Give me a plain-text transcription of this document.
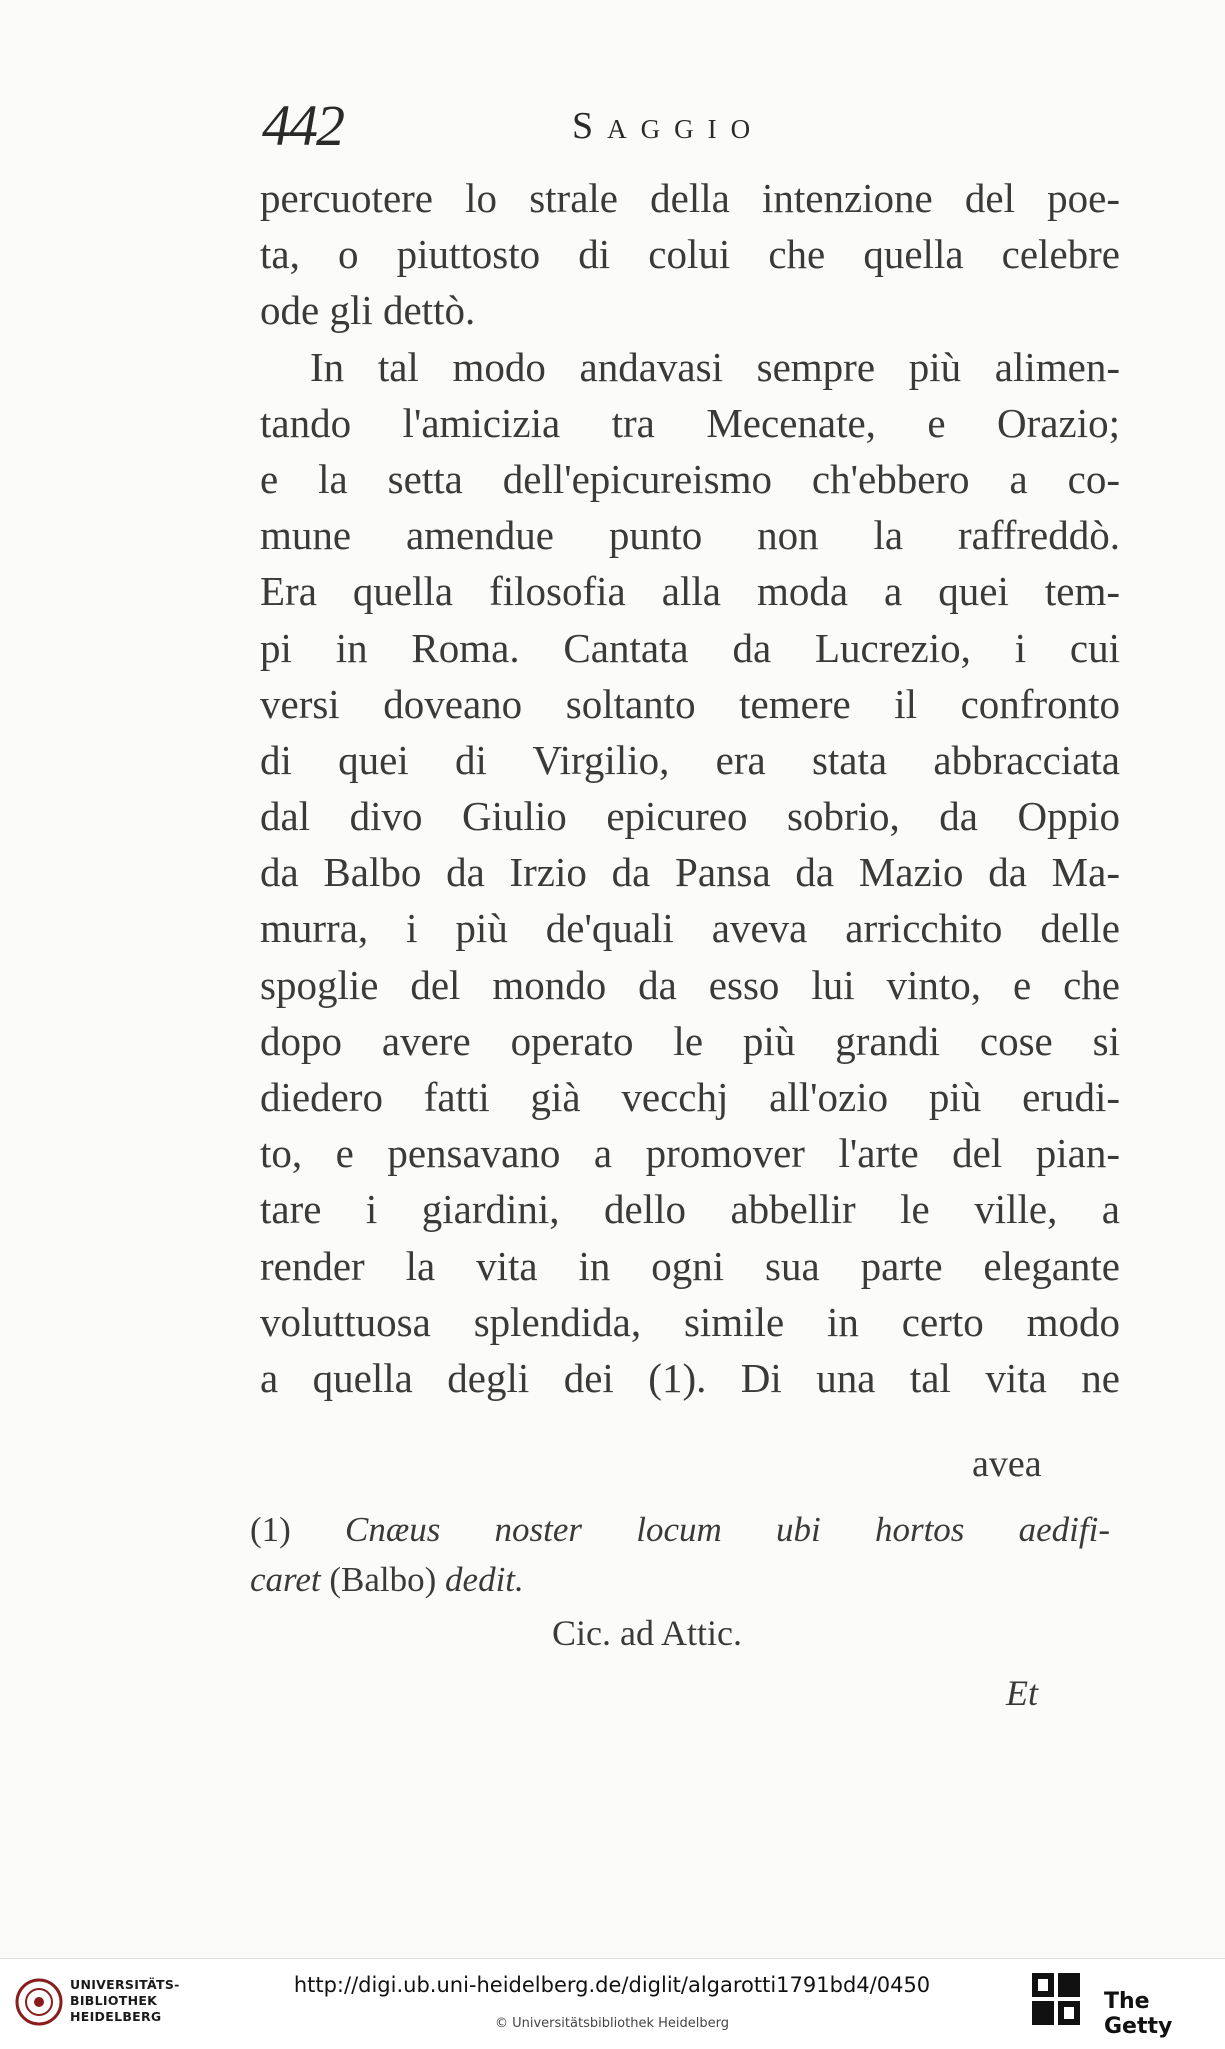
442	Saggio
percuotere lo strale della intenzione del poe-
ta, o piuttosto di colui che quella celebre
ode gli dettò.
In tal modo andavasi sempre più alimen-
tando l'amicizia tra Mecenate, e Orazio;
e la setta dell'epicureismo ch'ebbero a co-
mune amendue punto non la raffreddò.
Era quella filosofia alla moda a quei tem-
pi in Roma. Cantata da Lucrezio, i cui
versi doveano soltanto temere il confronto
di quei di Virgilio, era stata abbracciata
dal divo Giulio epicureo sobrio, da Oppio
da Balbo da Irzio da Pansa da Mazio da Ma-
murra, i più de'quali aveva arricchito delle
spoglie del mondo da esso lui vinto, e che
dopo avere operato le più grandi cose si
diedero fatti già vecchj all'ozio più erudi-
to, e pensavano a promover l'arte del pian-
tare i giardini, dello abbellir le ville, a
render la vita in ogni sua parte elegante
voluttuosa splendida, simile in certo modo
a quella degli dei (1). Di una tal vita ne
avea
(1) Cnæus noster locum ubi hortos aedifi-
caret (Balbo) dedit.
Cic. ad Attic.
Et
UNIVERSITÄTS-
BIBLIOTHEK
HEIDELBERG
http://digi.ub.uni-heidelberg.de/diglit/algarotti1791bd4/0450
© Universitätsbibliothek Heidelberg
The Getty
